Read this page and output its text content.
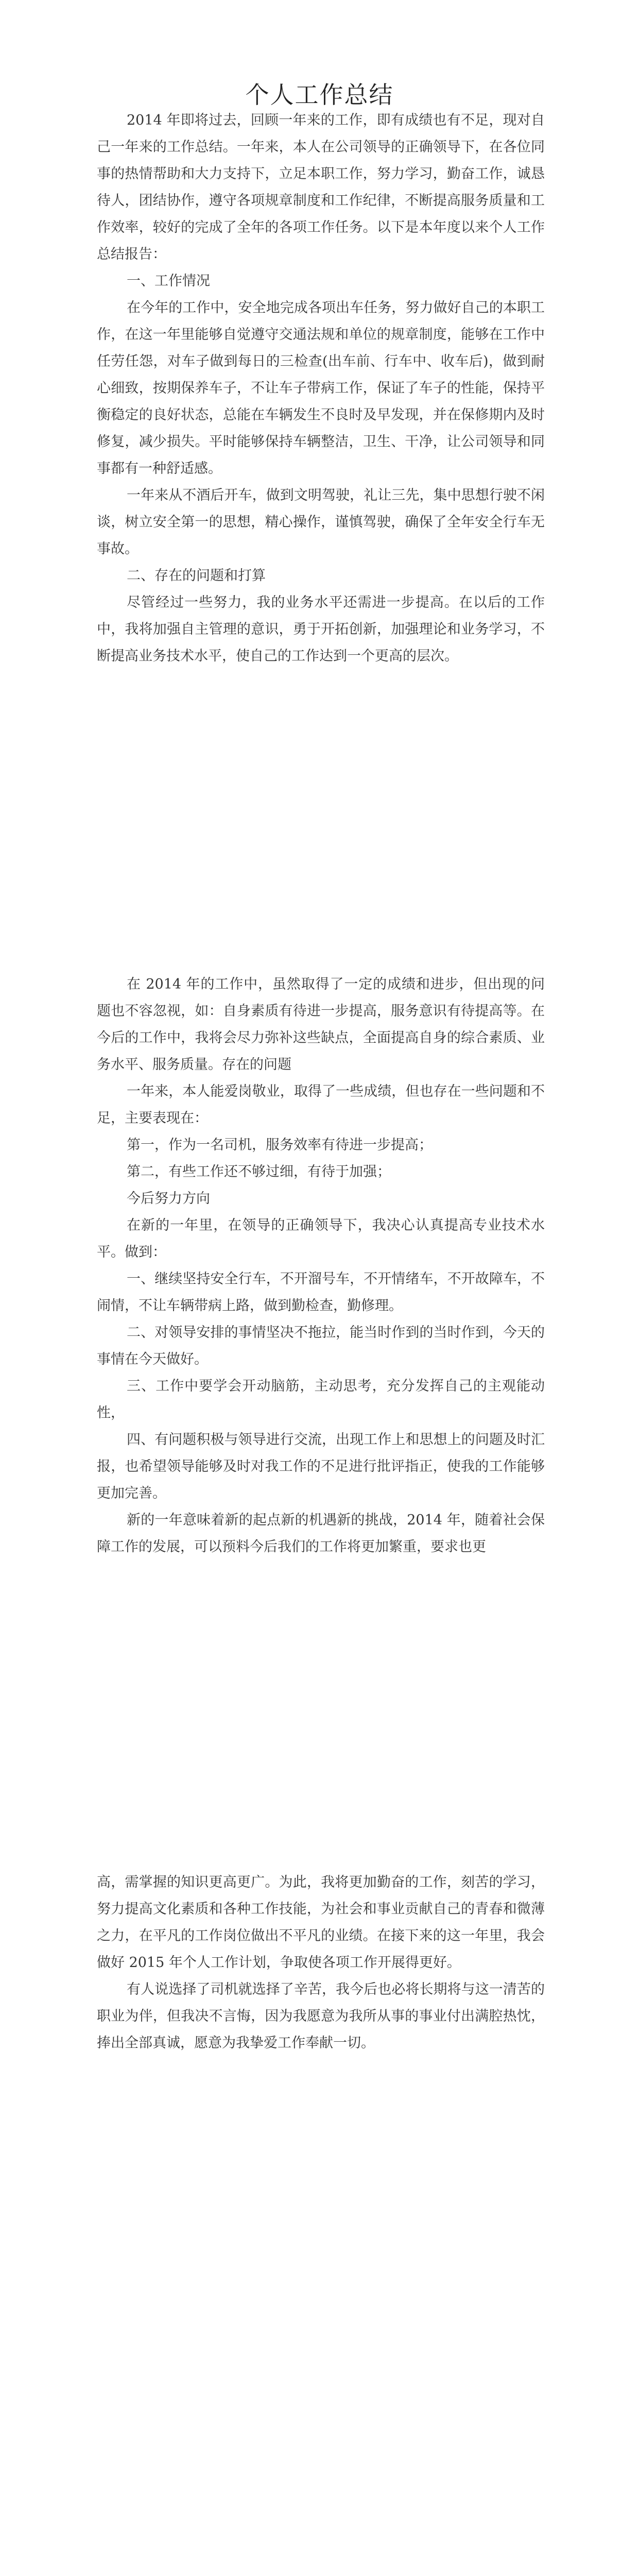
个人工作总结

2014 年即将过去，回顾一年来的工作，即有成绩也有不足，现对自己一年来的工作总结。一年来，本人在公司领导的正确领导下，在各位同事的热情帮助和大力支持下，立足本职工作，努力学习，勤奋工作，诚恳待人，团结协作，遵守各项规章制度和工作纪律，不断提高服务质量和工作效率，较好的完成了全年的各项工作任务。以下是本年度以来个人工作总结报告：

一、工作情况

在今年的工作中，安全地完成各项出车任务，努力做好自己的本职工作，在这一年里能够自觉遵守交通法规和单位的规章制度，能够在工作中任劳任怨，对车子做到每日的三检查(出车前、行车中、收车后)，做到耐心细致，按期保养车子，不让车子带病工作，保证了车子的性能，保持平衡稳定的良好状态，总能在车辆发生不良时及早发现，并在保修期内及时修复，减少损失。平时能够保持车辆整洁，卫生、干净，让公司领导和同事都有一种舒适感。

一年来从不酒后开车，做到文明驾驶，礼让三先，集中思想行驶不闲谈，树立安全第一的思想，精心操作，谨慎驾驶，确保了全年安全行车无事故。

二、存在的问题和打算

尽管经过一些努力，我的业务水平还需进一步提高。在以后的工作中，我将加强自主管理的意识，勇于开拓创新，加强理论和业务学习，不断提高业务技术水平，使自己的工作达到一个更高的层次。

在 2014 年的工作中，虽然取得了一定的成绩和进步，但出现的问题也不容忽视，如：自身素质有待进一步提高，服务意识有待提高等。在今后的工作中，我将会尽力弥补这些缺点，全面提高自身的综合素质、业务水平、服务质量。存在的问题

一年来，本人能爱岗敬业，取得了一些成绩，但也存在一些问题和不足，主要表现在：

第一，作为一名司机，服务效率有待进一步提高；

第二，有些工作还不够过细，有待于加强；

今后努力方向

在新的一年里，在领导的正确领导下，我决心认真提高专业技术水平。做到：

一、继续坚持安全行车，不开溜号车，不开情绪车，不开故障车，不闹情，不让车辆带病上路，做到勤检查，勤修理。

二、对领导安排的事情坚决不拖拉，能当时作到的当时作到，今天的事情在今天做好。

三、工作中要学会开动脑筋，主动思考，充分发挥自己的主观能动性，

四、有问题积极与领导进行交流，出现工作上和思想上的问题及时汇报，也希望领导能够及时对我工作的不足进行批评指正，使我的工作能够更加完善。

新的一年意味着新的起点新的机遇新的挑战，2014 年，随着社会保障工作的发展，可以预料今后我们的工作将更加繁重，要求也更

高，需掌握的知识更高更广。为此，我将更加勤奋的工作，刻苦的学习，努力提高文化素质和各种工作技能，为社会和事业贡献自己的青春和微薄之力，在平凡的工作岗位做出不平凡的业绩。在接下来的这一年里，我会做好 2015 年个人工作计划，争取使各项工作开展得更好。

有人说选择了司机就选择了辛苦，我今后也必将长期将与这一清苦的职业为伴，但我决不言悔，因为我愿意为我所从事的事业付出满腔热忱，捧出全部真诚，愿意为我挚爱工作奉献一切。
